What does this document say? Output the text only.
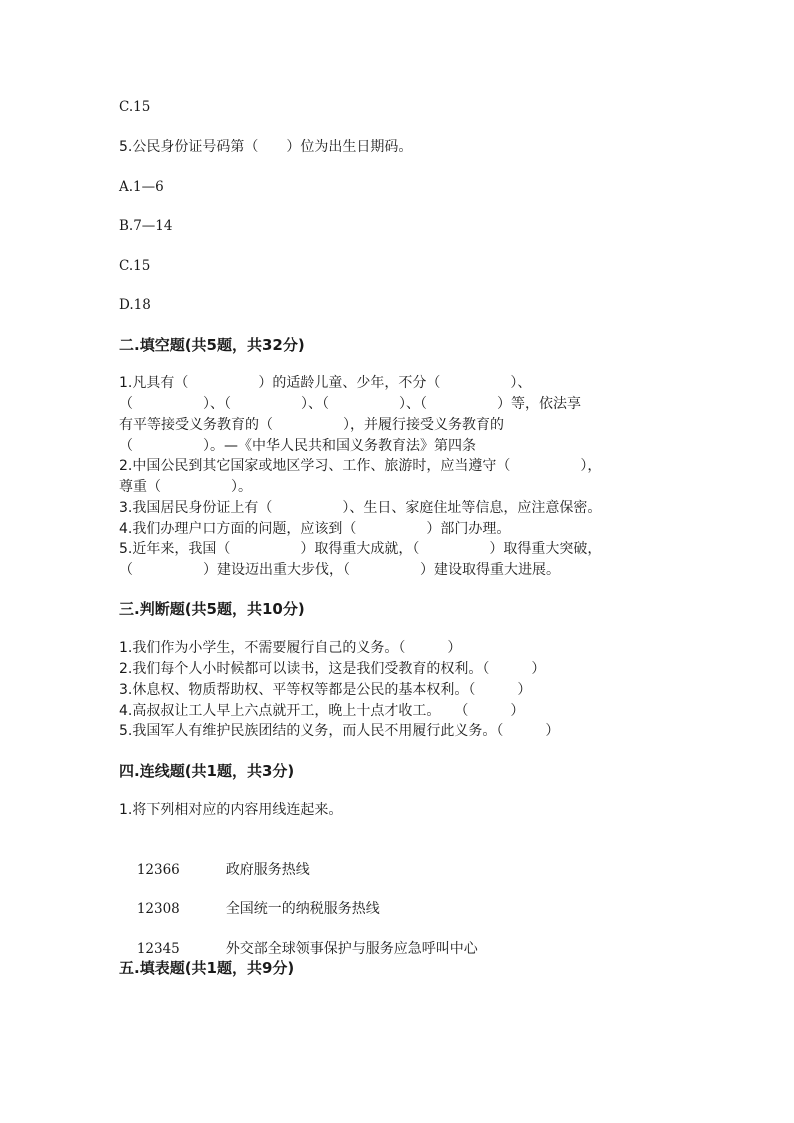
C.15
5.公民身份证号码第（　　）位为出生日期码。
A.1—6
B.7—14
C.15
D.18
二.填空题(共5题，共32分)
1.凡具有（　　　　　）的适龄儿童、少年，不分（　　　　　）、
（　　　　　）、（　　　　　）、（　　　　　）、（　　　　　）等，依法享
有平等接受义务教育的（　　　　　），并履行接受义务教育的
（　　　　　）。—《中华人民共和国义务教育法》第四条
2.中国公民到其它国家或地区学习、工作、旅游时，应当遵守（　　　　　），
尊重（　　　　　）。
3.我国居民身份证上有（　　　　　）、生日、家庭住址等信息，应注意保密。
4.我们办理户口方面的问题，应该到（　　　　　）部门办理。
5.近年来，我国（　　　　　）取得重大成就，（　　　　　）取得重大突破，
（　　　　　）建设迈出重大步伐，（　　　　　）建设取得重大进展。
三.判断题(共5题，共10分)
1.我们作为小学生，不需要履行自己的义务。（　　　）
2.我们每个人小时候都可以读书，这是我们受教育的权利。（　　　）
3.休息权、物质帮助权、平等权等都是公民的基本权利。（　　　）
4.高叔叔让工人早上六点就开工，晚上十点才收工。　　（　　　）
5.我国军人有维护民族团结的义务，而人民不用履行此义务。（　　　）
四.连线题(共1题，共3分)
1.将下列相对应的内容用线连起来。

12366	政府服务热线

12308	全国统一的纳税服务热线

12345	外交部全球领事保护与服务应急呼叫中心

五.填表题(共1题，共9分)
